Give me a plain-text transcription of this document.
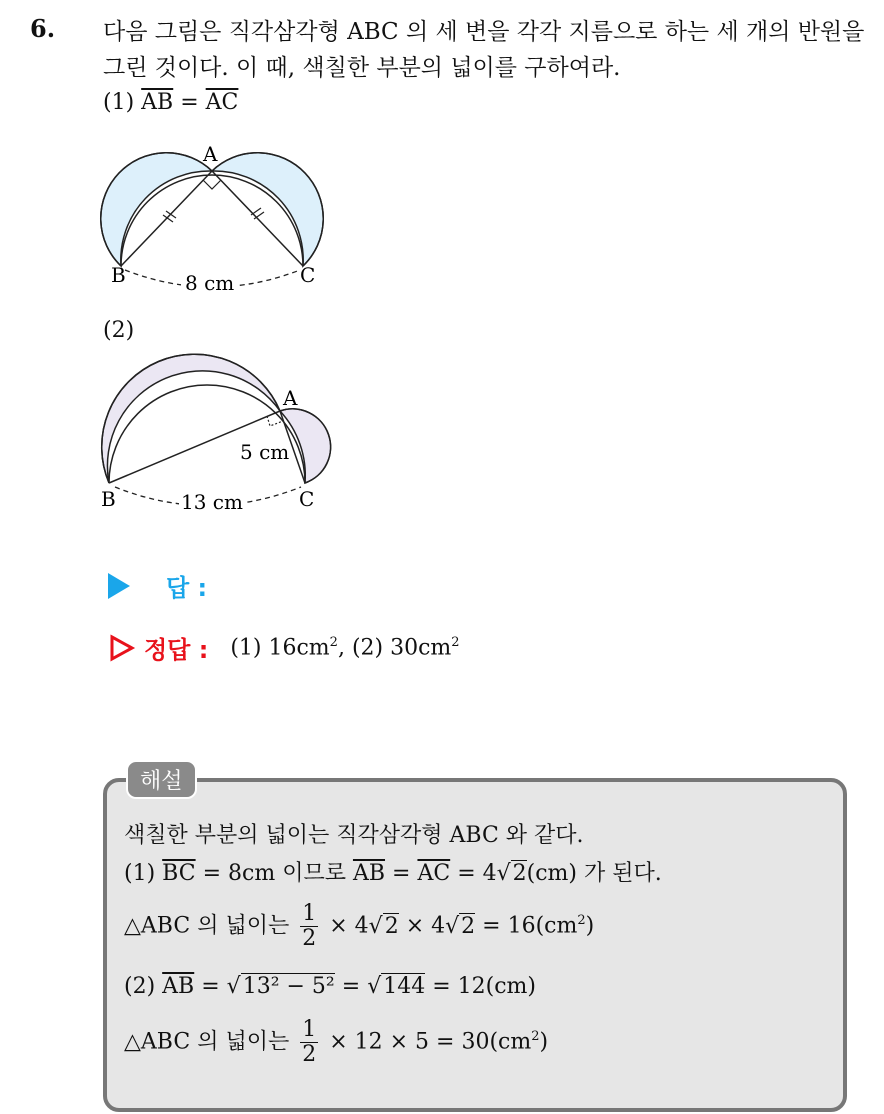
6. 다음 그림은 직각삼각형 ABC 의 세 변을 각각 지름으로 하는 세 개의 반원을 그린 것이다. 이 때, 색칠한 부분의 넓이를 구하여라.
(1) $\overline{AB} = \overline{AC}$
A
B	C
8 cm
(2)
A
B	C
5 cm
13 cm
답 :
정답 : (1) $16cm^2$, (2) $30cm^2$
해설
색칠한 부분의 넓이는 직각삼각형 ABC 와 같다.
(1) $\overline{BC} = 8cm$ 이므로 $\overline{AB} = \overline{AC} = 4√2(cm)$ 가 된다.
△ABC 의 넓이는 $\frac{1}{2} \times 4√2 \times 4√2 = 16(cm^2)$
(2) $\overline{AB} = √13^2 - 5^2 = √144 = 12(cm)$
△ABC 의 넓이는 $\frac{1}{2} \times 12 \times 5 = 30(cm^2)$
